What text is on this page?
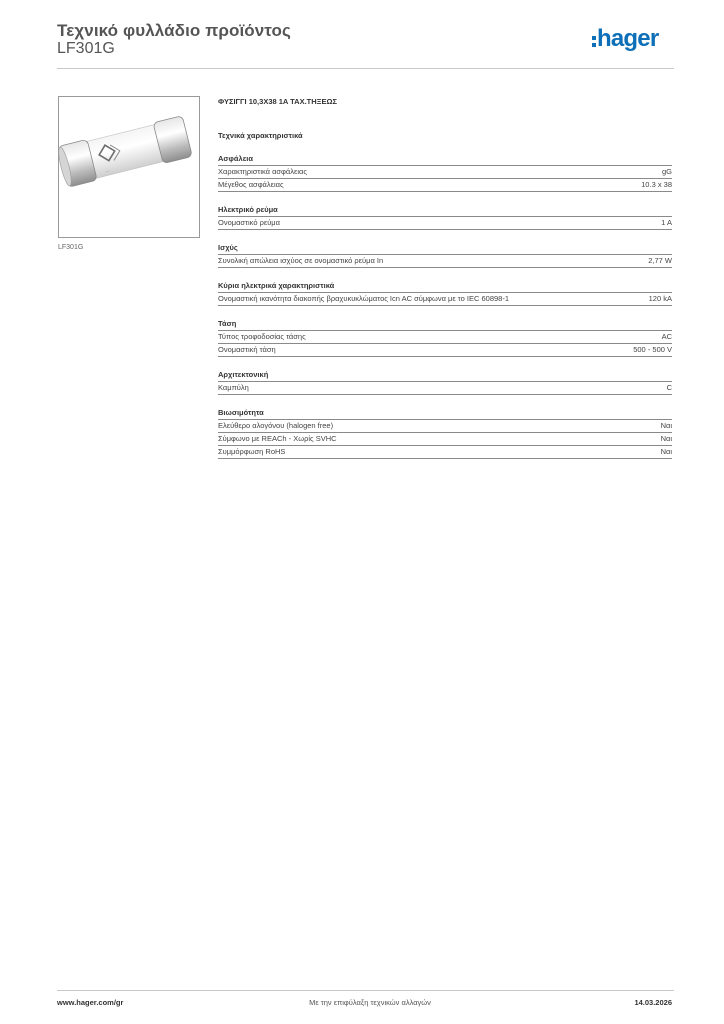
Τεχνικό φυλλάδιο προϊόντος
LF301G	hager
—
LF301G
ΦΥΣΙΓΓΙ 10,3X38 1A ΤΑΧ.ΤΗΞΕΩΣ
Τεχνικά χαρακτηριστικά
Ασφάλεια
Χαρακτηριστικά ασφάλειας	gG
Μέγεθος ασφάλειας	10.3 x 38
Ηλεκτρικό ρεύμα
Ονομαστικό ρεύμα	1 A
Ισχύς
Συνολική απώλεια ισχύος σε ονομαστικό ρεύμα In	2,77 W
Κύρια ηλεκτρικά χαρακτηριστικά
Ονομαστική ικανότητα διακοπής βραχυκυκλώματος Icn AC σύμφωνα με το IEC 60898-1	120 kA
Τάση
Τύπος τροφοδοσίας τάσης	AC
Ονομαστική τάση	500 - 500 V
Αρχιτεκτονική
Καμπύλη	C
Βιωσιμότητα
Ελεύθερο αλογόνου (halogen free)	Ναι
Σύμφωνο με REACh - Χωρίς SVHC	Ναι
Συμμόρφωση RoHS	Ναι
www.hager.com/gr	Με την επιφύλαξη τεχνικών αλλαγών	14.03.2026
